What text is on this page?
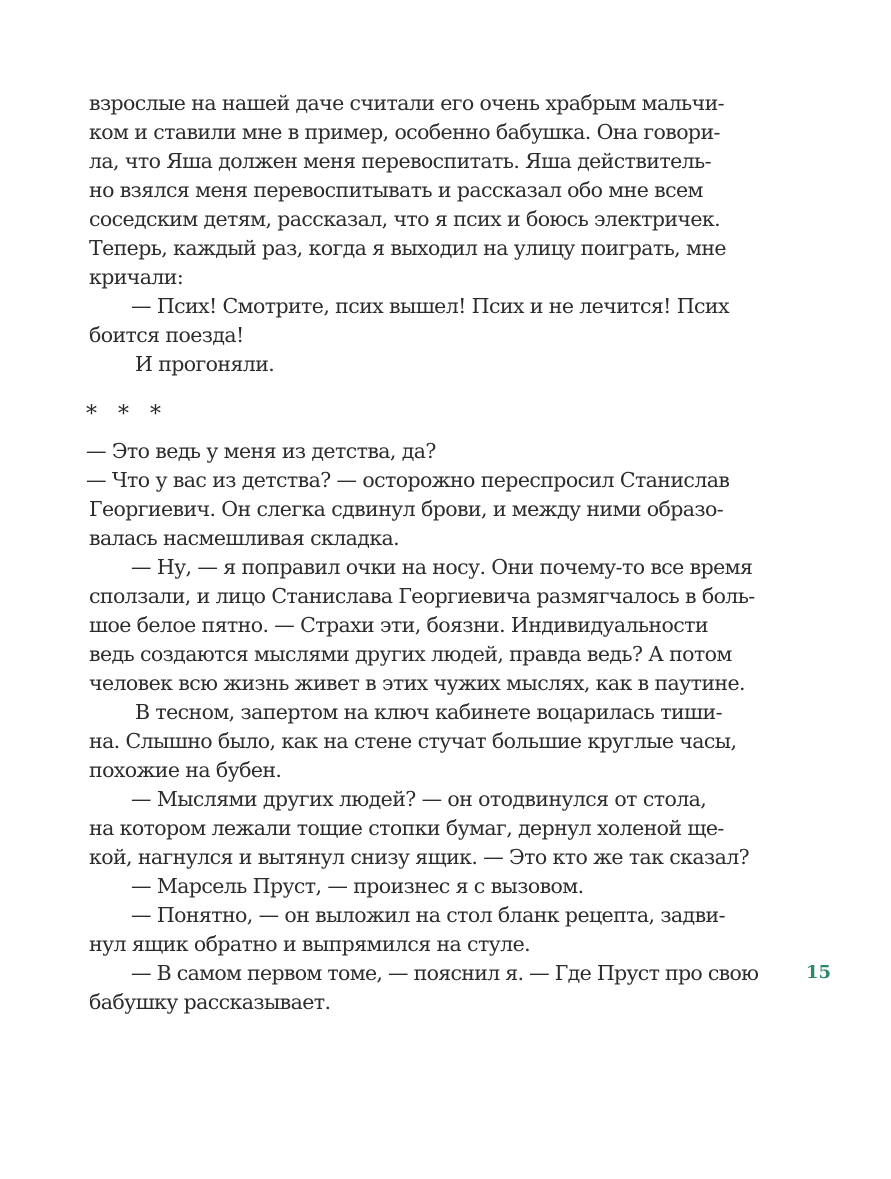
взрослые на нашей даче считали его очень храбрым мальчи-
ком и ставили мне в пример, особенно бабушка. Она говори-
ла, что Яша должен меня перевоспитать. Яша действитель-
но взялся меня перевоспитывать и рассказал обо мне всем
соседским детям, рассказал, что я псих и боюсь электричек.
Теперь, каждый раз, когда я выходил на улицу поиграть, мне
кричали:
— Псих! Смотрите, псих вышел! Псих и не лечится! Псих
боится поезда!
И прогоняли.
*   *   *
— Это ведь у меня из детства, да?
— Что у вас из детства? — осторожно переспросил Станислав
Георгиевич. Он слегка сдвинул брови, и между ними образо-
валась насмешливая складка.
— Ну, — я поправил очки на носу. Они почему-то все время
сползали, и лицо Станислава Георгиевича размягчалось в боль-
шое белое пятно. — Страхи эти, боязни. Индивидуальности
ведь создаются мыслями других людей, правда ведь? А потом
человек всю жизнь живет в этих чужих мыслях, как в паутине.
В тесном, запертом на ключ кабинете воцарилась тиши-
на. Слышно было, как на стене стучат большие круглые часы,
похожие на бубен.
— Мыслями других людей? — он отодвинулся от стола,
на котором лежали тощие стопки бумаг, дернул холеной ще-
кой, нагнулся и вытянул снизу ящик. — Это кто же так сказал?
— Марсель Пруст, — произнес я с вызовом.
— Понятно, — он выложил на стол бланк рецепта, задви-
нул ящик обратно и выпрямился на стуле.
— В самом первом томе, — пояснил я. — Где Пруст про свою
бабушку рассказывает.
15
